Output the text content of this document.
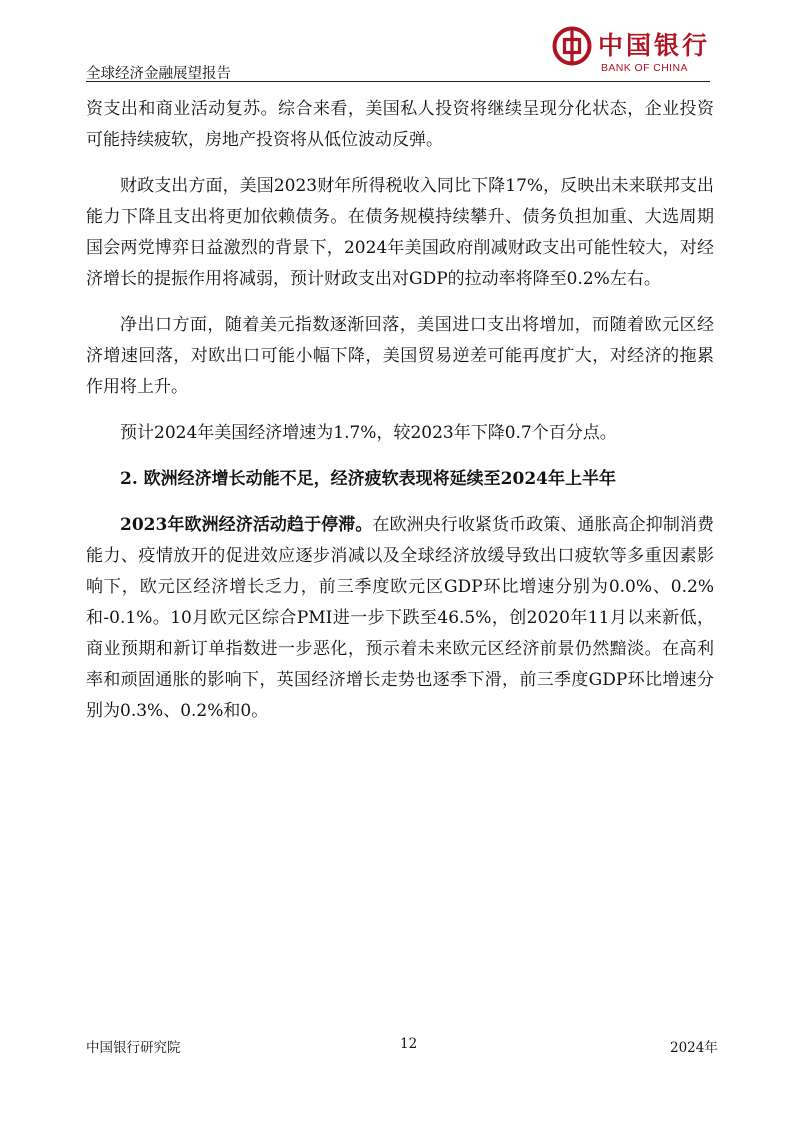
全球经济金融展望报告
中国银行
BANK OF CHINA

资支出和商业活动复苏。综合来看，美国私人投资将继续呈现分化状态，企业投资可能持续疲软，房地产投资将从低位波动反弹。

财政支出方面，美国2023财年所得税收入同比下降17%，反映出未来联邦支出能力下降且支出将更加依赖债务。在债务规模持续攀升、债务负担加重、大选周期国会两党博弈日益激烈的背景下，2024年美国政府削减财政支出可能性较大，对经济增长的提振作用将减弱，预计财政支出对GDP的拉动率将降至0.2%左右。

净出口方面，随着美元指数逐渐回落，美国进口支出将增加，而随着欧元区经济增速回落，对欧出口可能小幅下降，美国贸易逆差可能再度扩大，对经济的拖累作用将上升。

预计2024年美国经济增速为1.7%，较2023年下降0.7个百分点。

2. 欧洲经济增长动能不足，经济疲软表现将延续至2024年上半年

2023年欧洲经济活动趋于停滞。在欧洲央行收紧货币政策、通胀高企抑制消费能力、疫情放开的促进效应逐步消减以及全球经济放缓导致出口疲软等多重因素影响下，欧元区经济增长乏力，前三季度欧元区GDP环比增速分别为0.0%、0.2%和-0.1%。10月欧元区综合PMI进一步下跌至46.5%，创2020年11月以来新低，商业预期和新订单指数进一步恶化，预示着未来欧元区经济前景仍然黯淡。在高利率和顽固通胀的影响下，英国经济增长走势也逐季下滑，前三季度GDP环比增速分别为0.3%、0.2%和0。

中国银行研究院	12	2024年
